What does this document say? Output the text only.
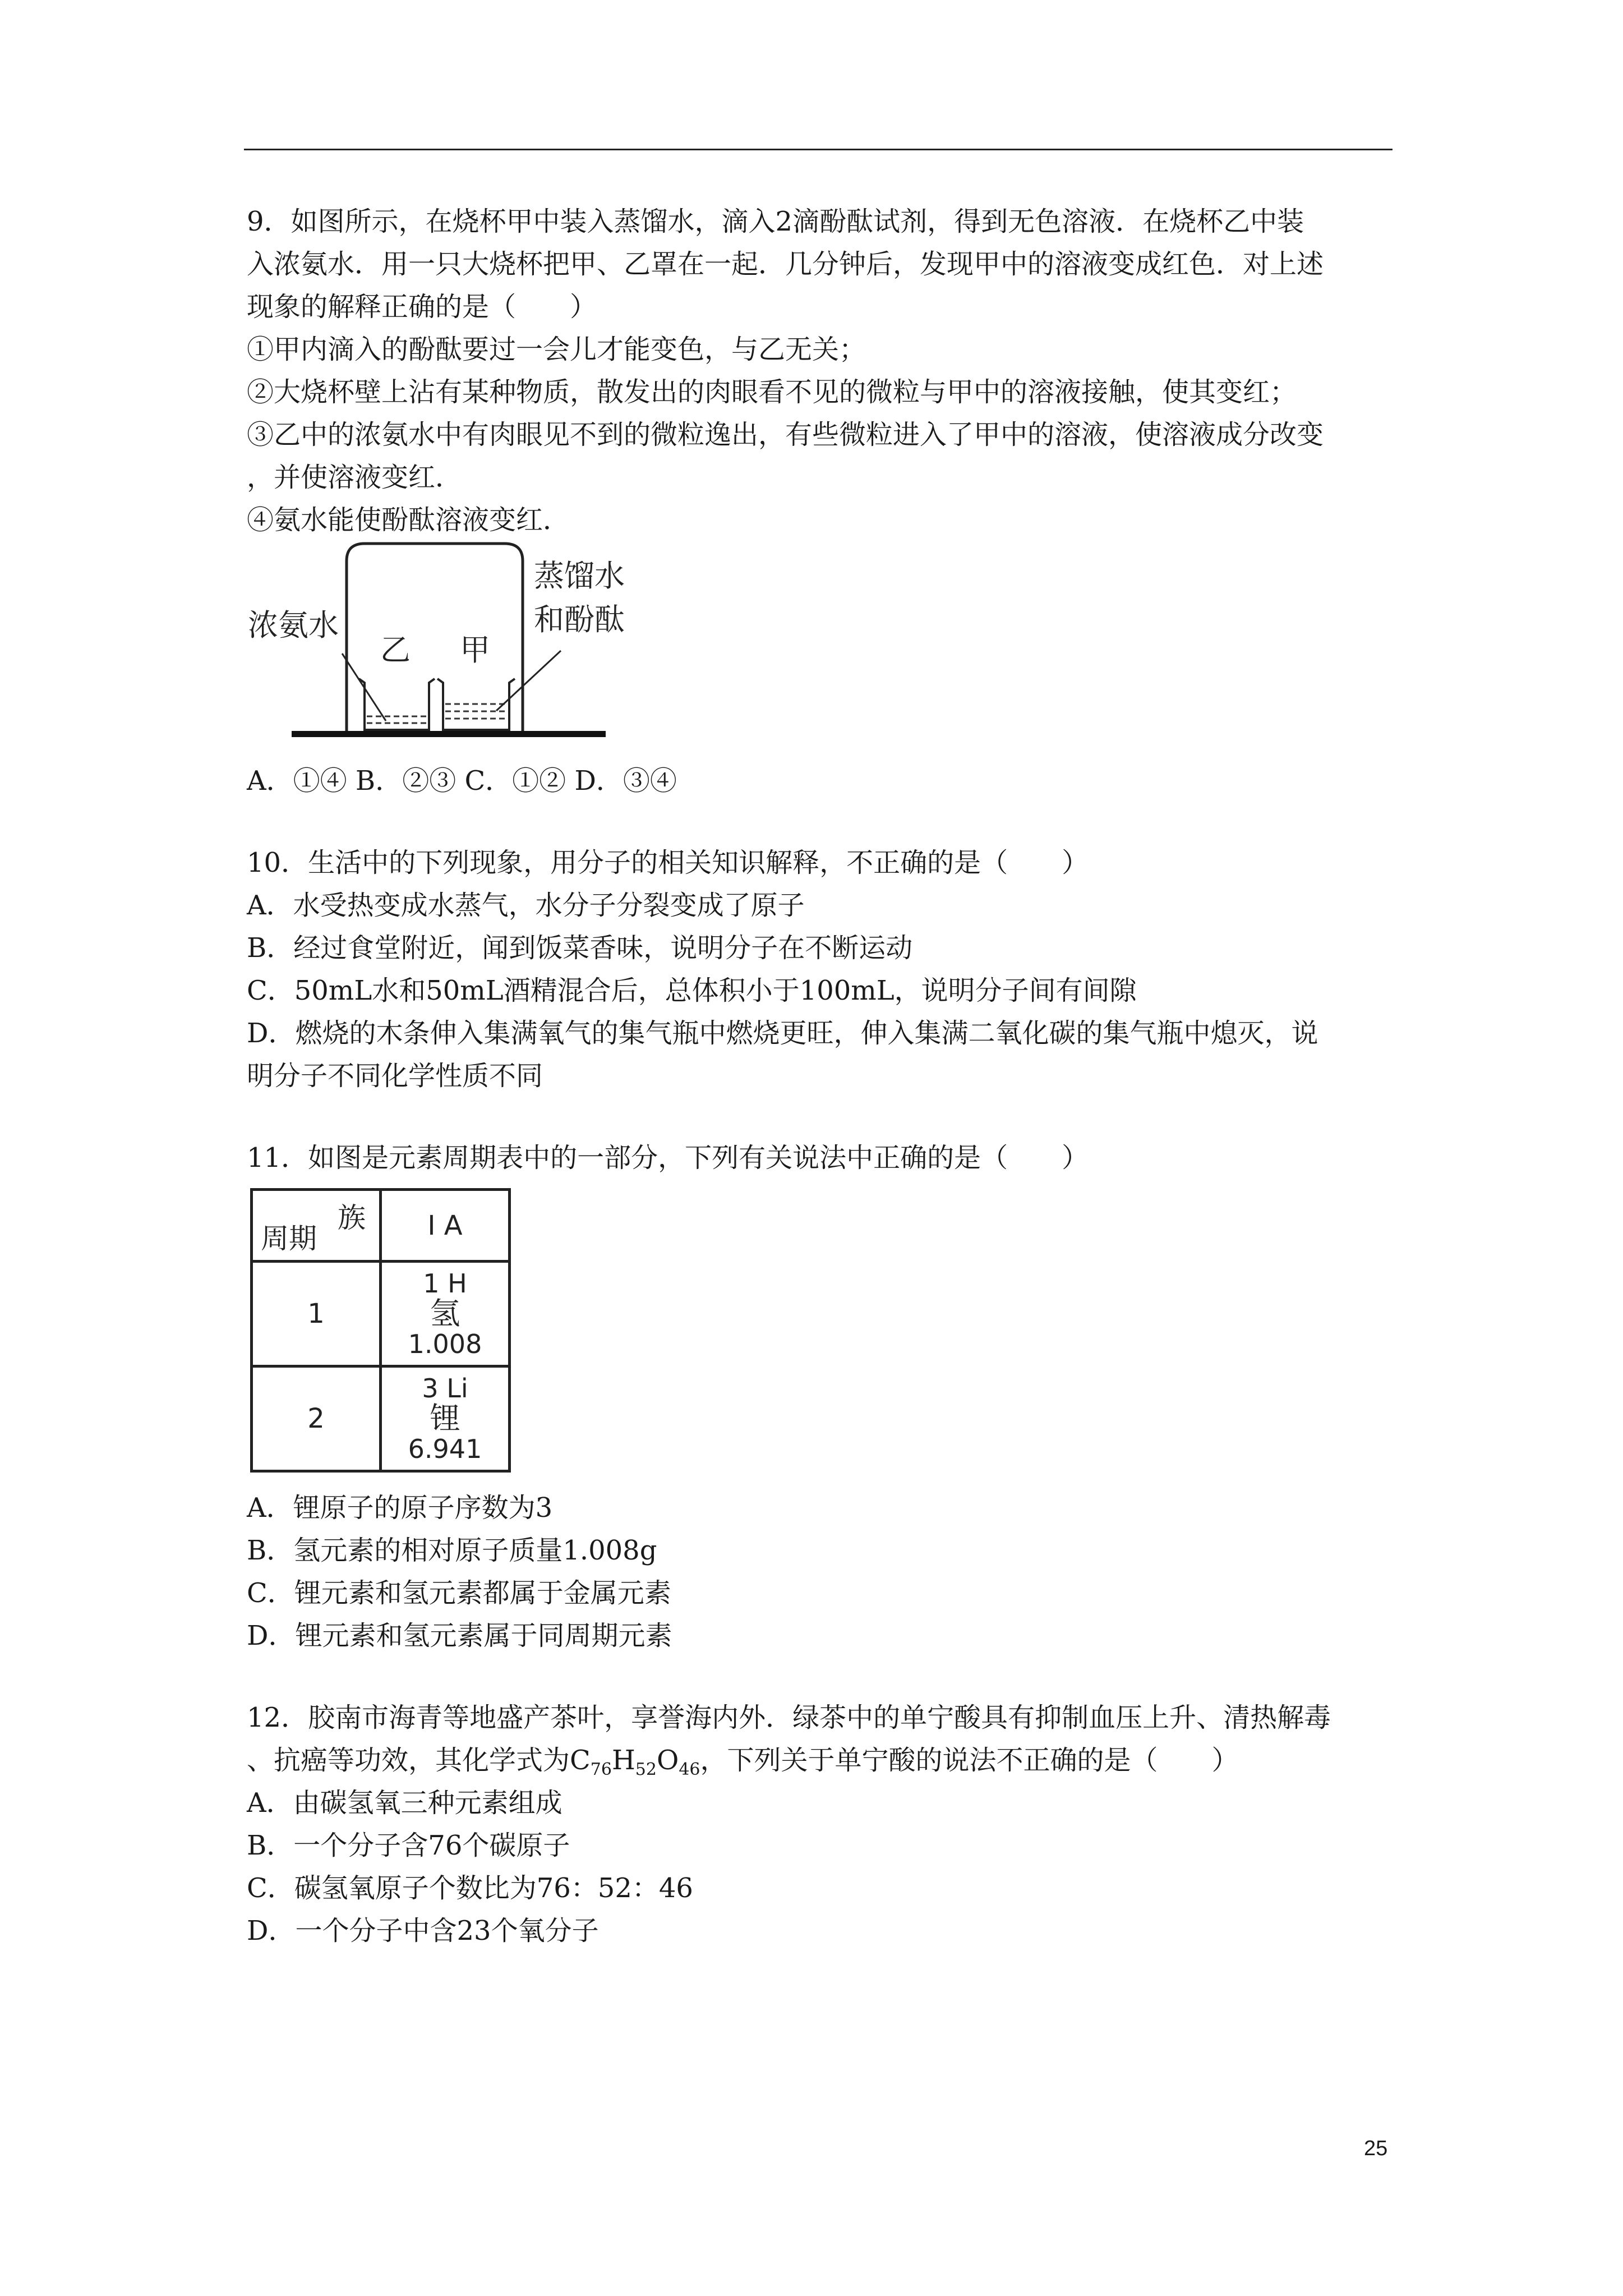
9．如图所示，在烧杯甲中装入蒸馏水，滴入2滴酚酞试剂，得到无色溶液．在烧杯乙中装
入浓氨水．用一只大烧杯把甲、乙罩在一起．几分钟后，发现甲中的溶液变成红色．对上述
现象的解释正确的是（　　）
①甲内滴入的酚酞要过一会儿才能变色，与乙无关；
②大烧杯壁上沾有某种物质，散发出的肉眼看不见的微粒与甲中的溶液接触，使其变红；
③乙中的浓氨水中有肉眼见不到的微粒逸出，有些微粒进入了甲中的溶液，使溶液成分改变
，并使溶液变红．
④氨水能使酚酞溶液变红．
浓氨水
乙 甲
蒸馏水
和酚酞
A．①④ B．②③ C．①② D．③④
10．生活中的下列现象，用分子的相关知识解释，不正确的是（　　）
A．水受热变成水蒸气，水分子分裂变成了原子
B．经过食堂附近，闻到饭菜香味，说明分子在不断运动
C．50mL水和50mL酒精混合后，总体积小于100mL，说明分子间有间隙
D．燃烧的木条伸入集满氧气的集气瓶中燃烧更旺，伸入集满二氧化碳的集气瓶中熄灭，说
明分子不同化学性质不同
11．如图是元素周期表中的一部分，下列有关说法中正确的是（　　）
族
周期	I A
1	1 H
氢
1.008

2	3 Li
锂
6.941
A．锂原子的原子序数为3
B．氢元素的相对原子质量1.008g
C．锂元素和氢元素都属于金属元素
D．锂元素和氢元素属于同周期元素
12．胶南市海青等地盛产茶叶，享誉海内外．绿茶中的单宁酸具有抑制血压上升、清热解毒
、抗癌等功效，其化学式为$C_{76}H_{52}O_{46}$，下列关于单宁酸的说法不正确的是（　　）
A．由碳氢氧三种元素组成
B．一个分子含76个碳原子
C．碳氢氧原子个数比为76：52：46
D．一个分子中含23个氧分子
25
